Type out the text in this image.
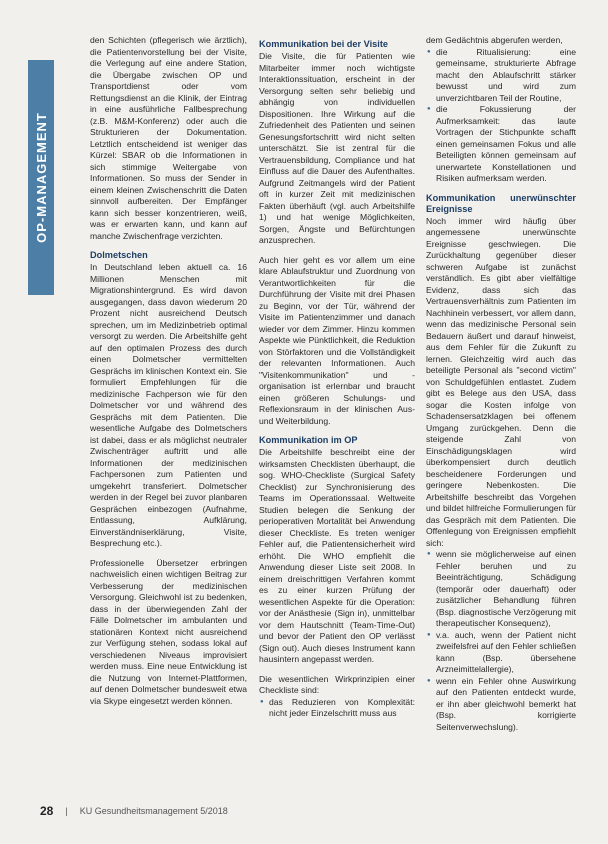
OP-MANAGEMENT

den Schichten (pflegerisch wie ärztlich), die Patientenvorstellung bei der Visite, die Verlegung auf eine andere Station, die Übergabe zwischen OP und Transportdienst oder vom Rettungsdienst an die Klinik, der Eintrag in eine ausführliche Fallbesprechung (z.B. M&M-Konferenz) oder auch die Strukturieren der Dokumentation. Letztlich entscheidend ist weniger das Kürzel: SBAR ob die Informationen in sich stimmige Weitergabe von Informationen. So muss der Sender in einem kleinen Zwischenschritt die Daten sinnvoll aufbereiten. Der Empfänger kann sich besser konzentrieren, weiß, was er erwarten kann, und kann auf manche Zwischenfrage verzichten.

Dolmetschen

In Deutschland leben aktuell ca. 16 Millionen Menschen mit Migrationshintergrund. Es wird davon ausgegangen, dass davon wiederum 20 Prozent nicht ausreichend Deutsch sprechen, um im Medizinbetrieb optimal versorgt zu werden. Die Arbeitshilfe geht auf den optimalen Prozess des durch einen Dolmetscher vermittelten Gesprächs im klinischen Kontext ein. Sie formuliert Empfehlungen für die medizinische Fachperson wie für den Dolmetscher vor und während des Gesprächs mit dem Patienten. Die wesentliche Aufgabe des Dolmetschers ist dabei, dass er als möglichst neutraler Zwischenträger auftritt und alle Informationen der medizinischen Fachpersonen zum Patienten und umgekehrt transferiert. Dolmetscher werden in der Regel bei zuvor planbaren Gesprächen einbezogen (Aufnahme, Entlassung, Aufklärung, Einverständniserklärung, Visite, Besprechung etc.).

Professionelle Übersetzer erbringen nachweislich einen wichtigen Beitrag zur Verbesserung der medizinischen Versorgung. Gleichwohl ist zu bedenken, dass in der überwiegenden Zahl der Fälle Dolmetscher im ambulanten und stationären Kontext nicht ausreichend zur Verfügung stehen, sodass lokal auf verschiedenen Niveaus improvisiert werden muss. Eine neue Entwicklung ist die Nutzung von Internet-Plattformen, auf denen Dolmetscher bundesweit etwa via Skype eingesetzt werden können.

Kommunikation bei der Visite

Die Visite, die für Patienten wie Mitarbeiter immer noch wichtigste Interaktionssituation, erscheint in der Versorgung selten sehr beliebig und abhängig von individuellen Dispositionen. Ihre Wirkung auf die Zufriedenheit des Patienten und seinen Genesungsfortschritt wird nicht selten unterschätzt. Sie ist zentral für die Vertrauensbildung, Compliance und hat Einfluss auf die Dauer des Aufenthaltes. Aufgrund Zeitmangels wird der Patient oft in kurzer Zeit mit medizinischen Fakten überhäuft (vgl. auch Arbeitshilfe 1) und hat wenige Möglichkeiten, Sorgen, Ängste und Befürchtungen anzusprechen.

Auch hier geht es vor allem um eine klare Ablaufstruktur und Zuordnung von Verantwortlichkeiten für die Durchführung der Visite mit drei Phasen zu Beginn, vor der Tür, während der Visite im Patientenzimmer und danach wieder vor dem Zimmer. Hinzu kommen Aspekte wie Pünktlichkeit, die Reduktion von Störfaktoren und die Vollständigkeit der relevanten Informationen. Auch "Visitenkommunikation" und -organisation ist erlernbar und braucht einen größeren Schulungs- und Reflexionsraum in der klinischen Aus- und Weiterbildung.

Kommunikation im OP

Die Arbeitshilfe beschreibt eine der wirksamsten Checklisten überhaupt, die sog. WHO-Checkliste (Surgical Safety Checklist) zur Synchronisierung des Teams im Operationssaal. Weltweite Studien belegen die Senkung der perioperativen Mortalität bei Anwendung dieser Checkliste. Es treten weniger Fehler auf, die Patientensicherheit wird erhöht. Die WHO empfiehlt die Anwendung dieser Liste seit 2008. In einem dreischrittigen Verfahren kommt es zu einer kurzen Prüfung der wesentlichen Aspekte für die Operation: vor der Anästhesie (Sign in), unmittelbar vor dem Hautschnitt (Team-Time-Out) und bevor der Patient den OP verlässt (Sign out). Auch dieses Instrument kann hausintern angepasst werden.

Die wesentlichen Wirkprinzipien einer Checkliste sind:

● das Reduzieren von Komplexität: nicht jeder Einzelschritt muss aus

dem Gedächtnis abgerufen werden,

● die Ritualisierung: eine gemeinsame, strukturierte Abfrage macht den Ablaufschritt stärker bewusst und wird zum unverzichtbaren Teil der Routine,
● die Fokussierung der Aufmerksamkeit: das laute Vortragen der Stichpunkte schafft einen gemeinsamen Fokus und alle Beteiligten können gemeinsam auf unerwartete Konstellationen und Risiken aufmerksam werden.
Kommunikation unerwünschter Ereignisse

Noch immer wird häufig über angemessene unerwünschte Ereignisse geschwiegen. Die Zurückhaltung gegenüber dieser schweren Aufgabe ist zunächst verständlich. Es gibt aber vielfältige Evidenz, dass sich das Vertrauensverhältnis zum Patienten im Nachhinein verbessert, vor allem dann, wenn das medizinische Personal sein Bedauern äußert und darauf hinweist, aus dem Fehler für die Zukunft zu lernen. Gleichzeitig wird auch das beteiligte Personal als "second victim" von Schuldgefühlen entlastet. Zudem gibt es Belege aus den USA, dass sogar die Kosten infolge von Schadensersatzklagen bei offenem Umgang zurückgehen. Denn die steigende Zahl von Einschädigungsklagen wird überkompensiert durch deutlich bescheidenere Forderungen und geringere Nebenkosten. Die Arbeitshilfe beschreibt das Vorgehen und bildet hilfreiche Formulierungen für das Gespräch mit dem Patienten. Die Offenlegung von Ereignissen empfiehlt sich:

● wenn sie möglicherweise auf einen Fehler beruhen und zu Beeinträchtigung, Schädigung (temporär oder dauerhaft) oder zusätzlicher Behandlung führen (Bsp. diagnostische Verzögerung mit therapeutischer Konsequenz),
● v.a. auch, wenn der Patient nicht zweifelsfrei auf den Fehler schließen kann (Bsp. übersehene Arzneimittelallergie),
● wenn ein Fehler ohne Auswirkung auf den Patienten entdeckt wurde, er ihn aber gleichwohl bemerkt hat (Bsp. korrigierte Seitenverwechslung).
28 | KU Gesundheitsmanagement 5/2018
